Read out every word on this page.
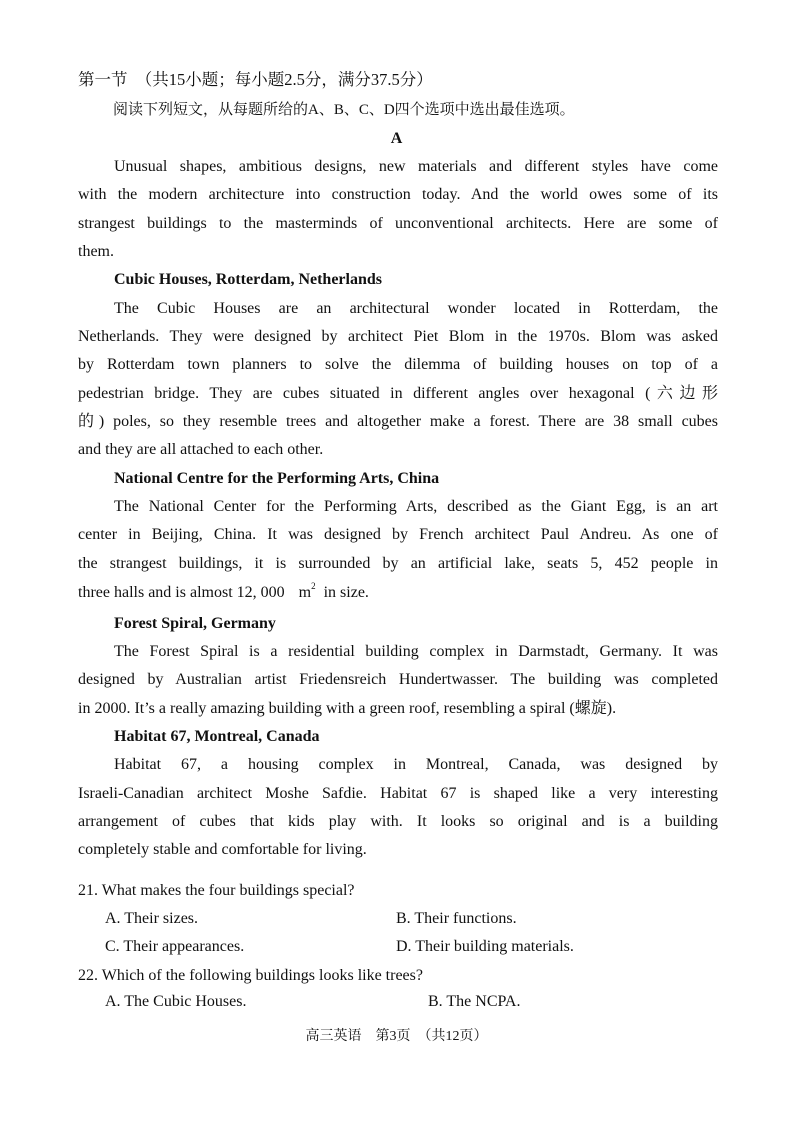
第一节　（共15小题；每小题2.5分，满分37.5分）
阅读下列短文，从每题所给的A、B、C、D四个选项中选出最佳选项。
A
Unusual shapes, ambitious designs, new materials and different styles have come
with the modern architecture into construction today. And the world owes some of its
strangest buildings to the masterminds of unconventional architects. Here are some of
them.
Cubic Houses, Rotterdam, Netherlands
The Cubic Houses are an architectural wonder located in Rotterdam, the
Netherlands. They were designed by architect Piet Blom in the 1970s. Blom was asked
by Rotterdam town planners to solve the dilemma of building houses on top of a
pedestrian bridge. They are cubes situated in different angles over hexagonal (六边形
的) poles, so they resemble trees and altogether make a forest. There are 38 small cubes
and they are all attached to each other.
National Centre for the Performing Arts, China
The National Center for the Performing Arts, described as the Giant Egg, is an art
center in Beijing, China. It was designed by French architect Paul Andreu. As one of
the strangest buildings, it is surrounded by an artificial lake, seats 5, 452 people in
three halls and is almost 12, 000 $m^2$ in size.
Forest Spiral, Germany
The Forest Spiral is a residential building complex in Darmstadt, Germany. It was
designed by Australian artist Friedensreich Hundertwasser. The building was completed
in 2000. It’s a really amazing building with a green roof, resembling a spiral (螺旋).
Habitat 67, Montreal, Canada
Habitat 67, a housing complex in Montreal, Canada, was designed by
Israeli-Canadian architect Moshe Safdie. Habitat 67 is shaped like a very interesting
arrangement of cubes that kids play with. It looks so original and is a building
completely stable and comfortable for living.
21. What makes the four buildings special?
A. Their sizes.	B. Their functions.
C. Their appearances.	D. Their building materials.
22. Which of the following buildings looks like trees?
A. The Cubic Houses.	B. The NCPA.
高三英语　第3页　（共12页）
